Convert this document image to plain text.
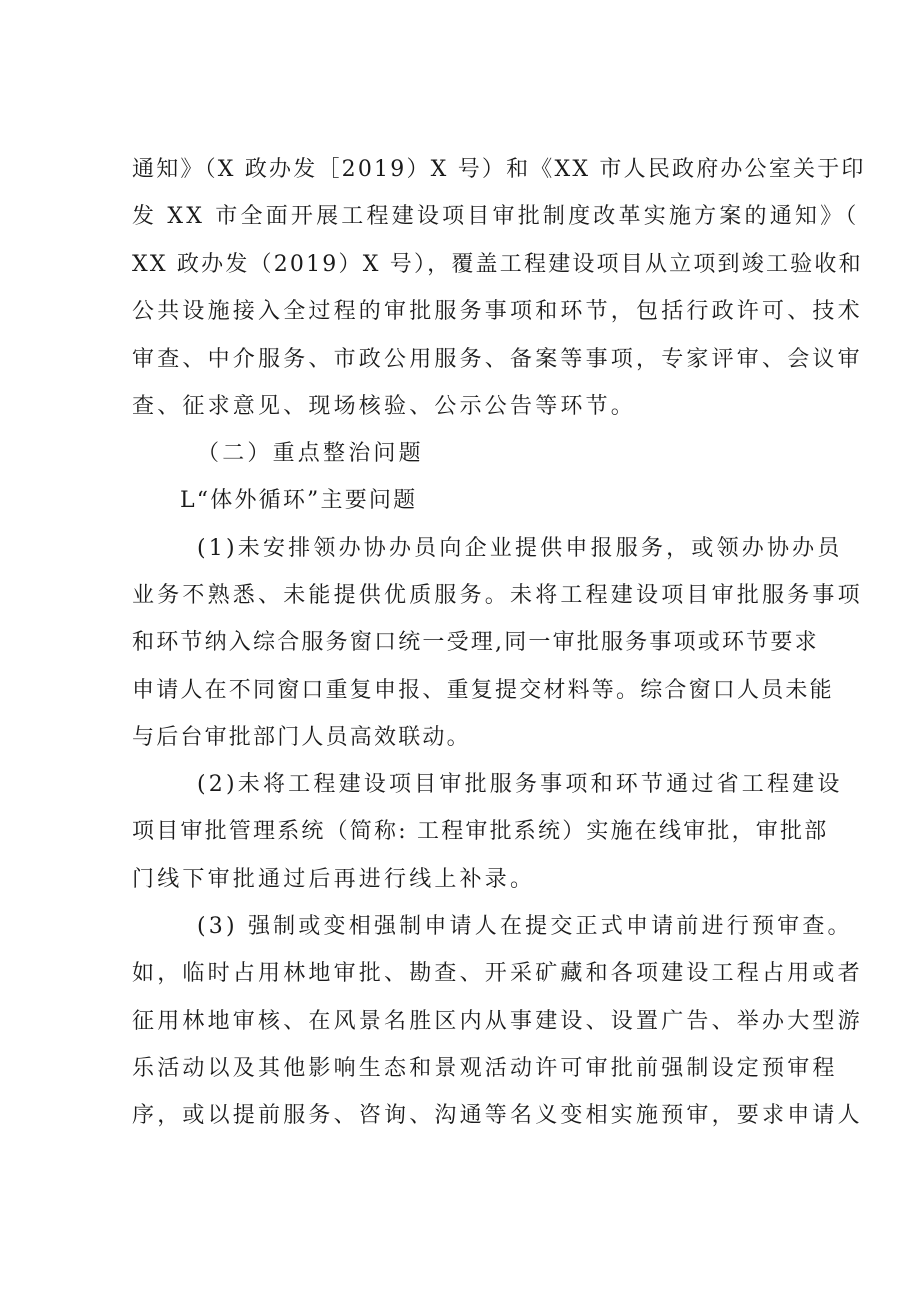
通知》（X 政办发［2019）X 号）和《XX 市人民政府办公室关于印
发 XX 市全面开展工程建设项目审批制度改革实施方案的通知》（
XX 政办发（2019）X 号），覆盖工程建设项目从立项到竣工验收和
公共设施接入全过程的审批服务事项和环节，包括行政许可、技术
审查、中介服务、市政公用服务、备案等事项，专家评审、会议审
查、征求意见、现场核验、公示公告等环节。
（二）重点整治问题
L“体外循环”主要问题
(1)未安排领办协办员向企业提供申报服务，或领办协办员
业务不熟悉、未能提供优质服务。未将工程建设项目审批服务事项
和环节纳入综合服务窗口统一受理,同一审批服务事项或环节要求
申请人在不同窗口重复申报、重复提交材料等。综合窗口人员未能
与后台审批部门人员高效联动。
(2)未将工程建设项目审批服务事项和环节通过省工程建设
项目审批管理系统（简称: 工程审批系统）实施在线审批，审批部
门线下审批通过后再进行线上补录。
(3) 强制或变相强制申请人在提交正式申请前进行预审查。
如，临时占用林地审批、勘查、开采矿藏和各项建设工程占用或者
征用林地审核、在风景名胜区内从事建设、设置广告、举办大型游
乐活动以及其他影响生态和景观活动许可审批前强制设定预审程
序，或以提前服务、咨询、沟通等名义变相实施预审，要求申请人
